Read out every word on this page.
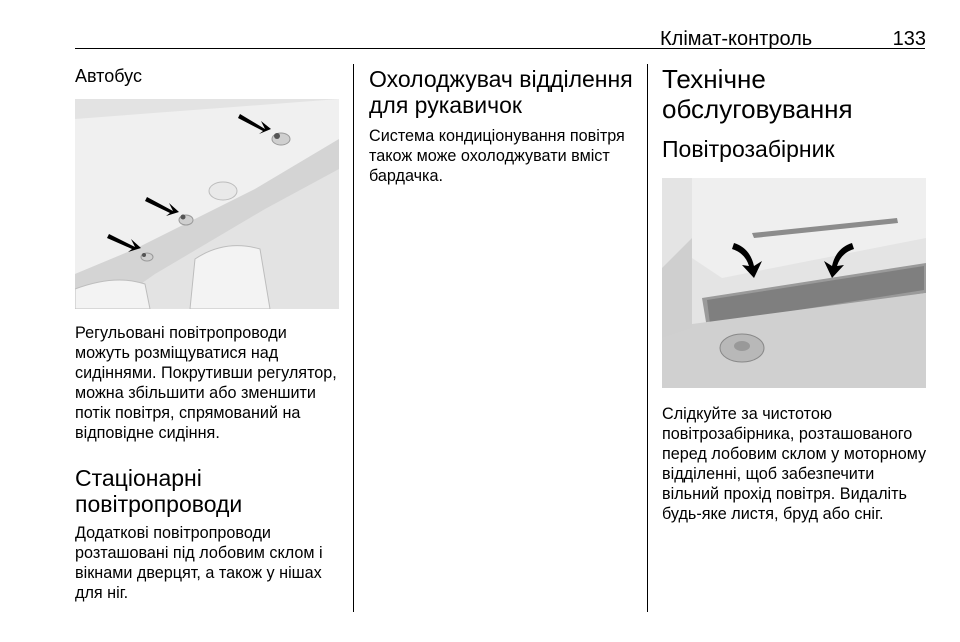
Клімат-контроль	133
Автобус
Регульовані повітропроводи
можуть розміщуватися над
сидіннями. Покрутивши регулятор,
можна збільшити або зменшити
потік повітря, спрямований на
відповідне сидіння.
Стаціонарні
повітропроводи
Додаткові повітропроводи
розташовані під лобовим склом і
вікнами дверцят, а також у нішах
для ніг.
Охолоджувач відділення
для рукавичок
Система кондиціонування повітря
також може охолоджувати вміст
бардачка.
Технічне
обслуговування
Повітрозабірник
Слідкуйте за чистотою
повітрозабірника, розташованого
перед лобовим склом у моторному
відділенні, щоб забезпечити
вільний прохід повітря. Видаліть
будь-яке листя, бруд або сніг.
